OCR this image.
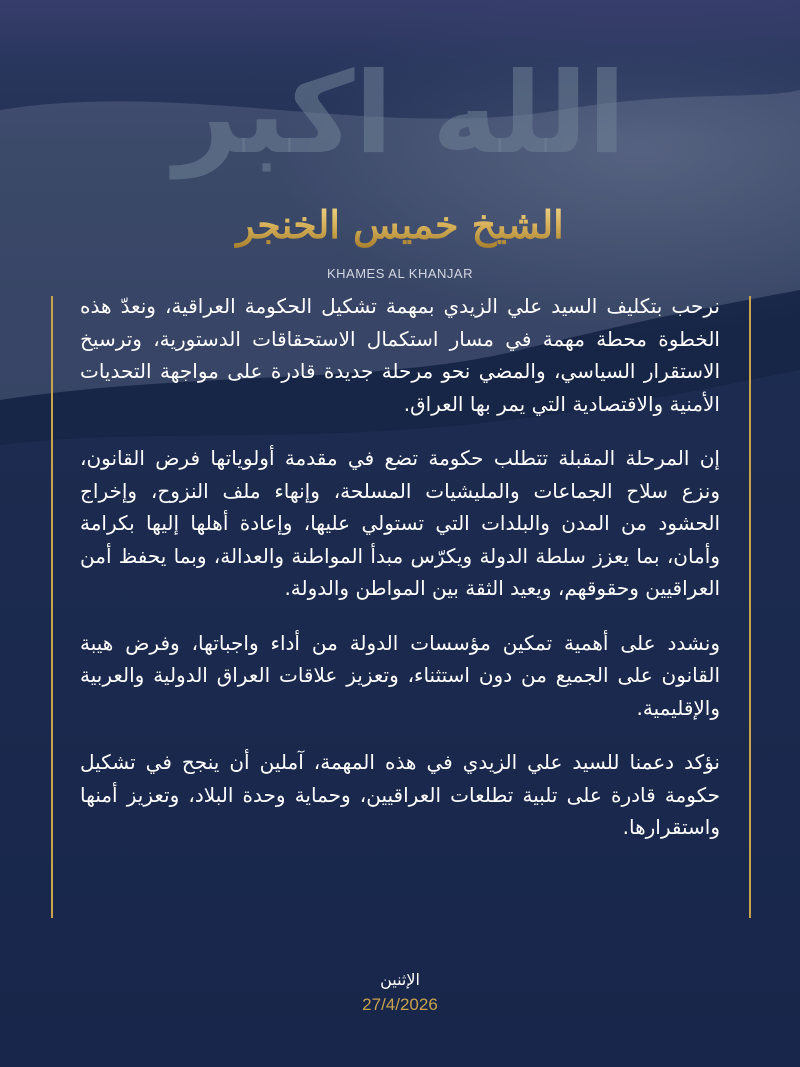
الله اكبر
الشيخ خميس الخنجر
KHAMES AL KHANJAR

نرحب بتكليف السيد علي الزيدي بمهمة تشكيل الحكومة العراقية، ونعدّ هذه الخطوة محطة مهمة في مسار استكمال الاستحقاقات الدستورية، وترسيخ الاستقرار السياسي، والمضي نحو مرحلة جديدة قادرة على مواجهة التحديات الأمنية والاقتصادية التي يمر بها العراق.

إن المرحلة المقبلة تتطلب حكومة تضع في مقدمة أولوياتها فرض القانون، ونزع سلاح الجماعات والمليشيات المسلحة، وإنهاء ملف النزوح، وإخراج الحشود من المدن والبلدات التي تستولي عليها، وإعادة أهلها إليها بكرامة وأمان، بما يعزز سلطة الدولة ويكرّس مبدأ المواطنة والعدالة، وبما يحفظ أمن العراقيين وحقوقهم، ويعيد الثقة بين المواطن والدولة.

ونشدد على أهمية تمكين مؤسسات الدولة من أداء واجباتها، وفرض هيبة القانون على الجميع من دون استثناء، وتعزيز علاقات العراق الدولية والعربية والإقليمية.

نؤكد دعمنا للسيد علي الزيدي في هذه المهمة، آملين أن ينجح في تشكيل حكومة قادرة على تلبية تطلعات العراقيين، وحماية وحدة البلاد، وتعزيز أمنها واستقرارها.

الإثنين
27/4/2026
